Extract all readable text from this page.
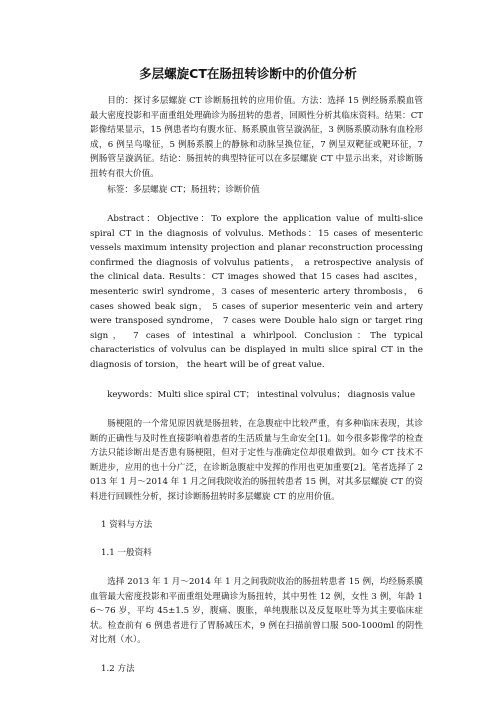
多层螺旋CT在肠扭转诊断中的价值分析

目的：探讨多层螺旋 CT 诊断肠扭转的应用价值。方法：选择 15 例经肠系膜血管最大密度投影和平面重组处理确诊为肠扭转的患者，回顾性分析其临床资料。结果：CT 影像结果显示，15 例患者均有腹水征、肠系膜血管呈漩涡征，3 例肠系膜动脉有血栓形成，6 例呈鸟喙征，5 例肠系膜上的静脉和动脉呈换位征，7 例呈双靶征或靶环征，7 例肠管呈漩涡征。结论：肠扭转的典型特征可以在多层螺旋 CT 中显示出来，对诊断肠扭转有很大价值。

标签：多层螺旋 CT；肠扭转；诊断价值

Abstract：Objective：To explore the application value of multi-slice spiral CT in the diagnosis of volvulus. Methods：15 cases of mesenteric vessels maximum intensity projection and planar reconstruction processing confirmed the diagnosis of volvulus patients， a retrospective analysis of the clinical data. Results：CT images showed that 15 cases had ascites， mesenteric swirl syndrome，3 cases of mesenteric artery thrombosis， 6 cases showed beak sign， 5 cases of superior mesenteric vein and artery were transposed syndrome， 7 cases were Double halo sign or target ring sign， 7 cases of intestinal a whirlpool. Conclusion：The typical characteristics of volvulus can be displayed in multi slice spiral CT in the diagnosis of torsion， the heart will be of great value.

keywords：Multi slice spiral CT； intestinal volvulus； diagnosis value

肠梗阻的一个常见原因就是肠扭转，在急腹症中比较严重，有多种临床表现，其诊断的正确性与及时性直接影响着患者的生活质量与生命安全[1]。如今很多影像学的检查方法只能诊断出是否患有肠梗阻，但对于定性与准确定位却很难做到。如今 CT 技术不断进步，应用的也十分广泛，在诊断急腹症中发挥的作用也更加重要[2]。笔者选择了 2013 年 1 月～2014 年 1 月之间我院收治的肠扭转患者 15 例，对其多层螺旋 CT 的资料进行回顾性分析，探讨诊断肠扭转时多层螺旋 CT 的应用价值。

1 资料与方法
1.1 一般资料

选择 2013 年 1 月～2014 年 1 月之间我院收治的肠扭转患者 15 例，均经肠系膜血管最大密度投影和平面重组处理确诊为肠扭转，其中男性 12 例，女性 3 例，年龄 16～76 岁，平均 45±1.5 岁，腹痛、腹胀，单纯腹胀以及反复呕吐等为其主要临床症状。检查前有 6 例患者进行了胃肠减压术，9 例在扫描前曾口服 500-1000ml 的阴性对比剂（水）。

1.2 方法
